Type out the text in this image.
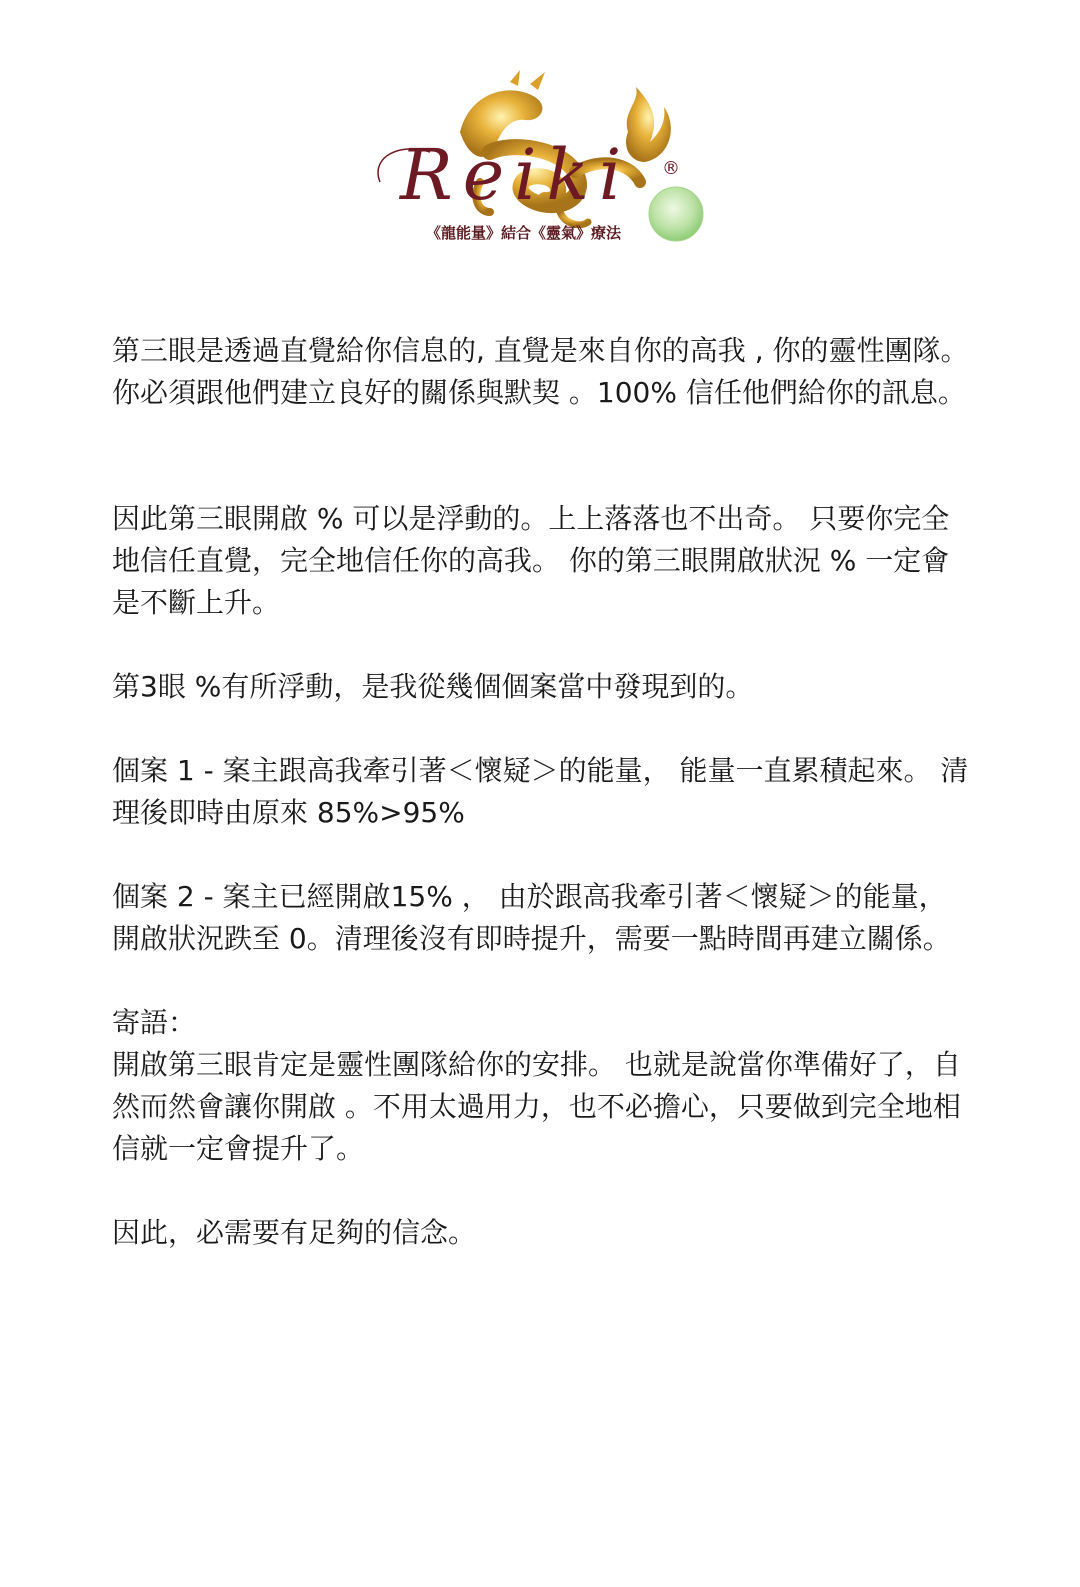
Reiki ®
《龍能量》結合《靈氣》療法

第三眼是透過直覺給你信息的, 直覺是來自你的高我 , 你的靈性團隊。 你必須跟他們建立良好的關係與默契 。100% 信任他們給你的訊息。

因此第三眼開啟 % 可以是浮動的。上上落落也不出奇。 只要你完全地信任直覺，完全地信任你的高我。 你的第三眼開啟狀況 % 一定會是不斷上升。

第3眼 %有所浮動，是我從幾個個案當中發現到的。

個案 1 - 案主跟高我牽引著＜懷疑＞的能量， 能量一直累積起來。 清理後即時由原來 85%>95%

個案 2 - 案主已經開啟15% ， 由於跟高我牽引著＜懷疑＞的能量， 開啟狀況跌至 0。清理後沒有即時提升，需要一點時間再建立關係。

寄語：

開啟第三眼肯定是靈性團隊給你的安排。 也就是說當你準備好了，自然而然會讓你開啟 。不用太過用力，也不必擔心，只要做到完全地相信就一定會提升了。

因此，必需要有足夠的信念。
